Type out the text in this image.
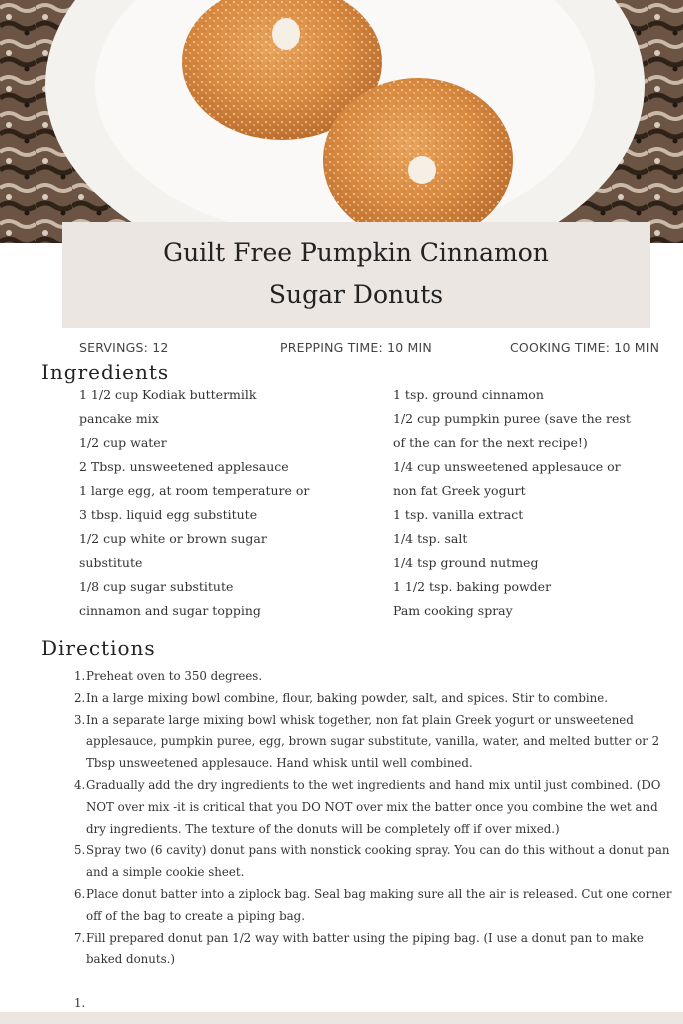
Guilt Free Pumpkin Cinnamon Sugar Donuts
SERVINGS: 12	PREPPING TIME: 10 MIN	COOKING TIME: 10 MIN
Ingredients
1 1/2 cup Kodiak buttermilk
pancake mix
1/2 cup water
2 Tbsp. unsweetened applesauce
1 large egg, at room temperature or
3 tbsp. liquid egg substitute
1/2 cup white or brown sugar
substitute
1/8 cup sugar substitute
cinnamon and sugar topping
1 tsp. ground cinnamon
1/2 cup pumpkin puree (save the rest
of the can for the next recipe!)
1/4 cup unsweetened applesauce or
non fat Greek yogurt
1 tsp. vanilla extract
1/4 tsp. salt
1/4 tsp ground nutmeg
1 1/2 tsp. baking powder
Pam cooking spray
Directions
1. Preheat oven to 350 degrees.
2. In a large mixing bowl combine, flour, baking powder, salt, and spices. Stir to combine.
3. In a separate large mixing bowl whisk together, non fat plain Greek yogurt or unsweetened applesauce, pumpkin puree, egg, brown sugar substitute, vanilla, water, and melted butter or 2 Tbsp unsweetened applesauce. Hand whisk until well combined.
4. Gradually add the dry ingredients to the wet ingredients and hand mix until just combined. (DO NOT over mix -it is critical that you DO NOT over mix the batter once you combine the wet and dry ingredients. The texture of the donuts will be completely off if over mixed.)
5. Spray two (6 cavity) donut pans with nonstick cooking spray. You can do this without a donut pan and a simple cookie sheet.
6. Place donut batter into a ziplock bag. Seal bag making sure all the air is released. Cut one corner off of the bag to create a piping bag.
7. Fill prepared donut pan 1/2 way with batter using the piping bag. (I use a donut pan to make baked donuts.)
1.
